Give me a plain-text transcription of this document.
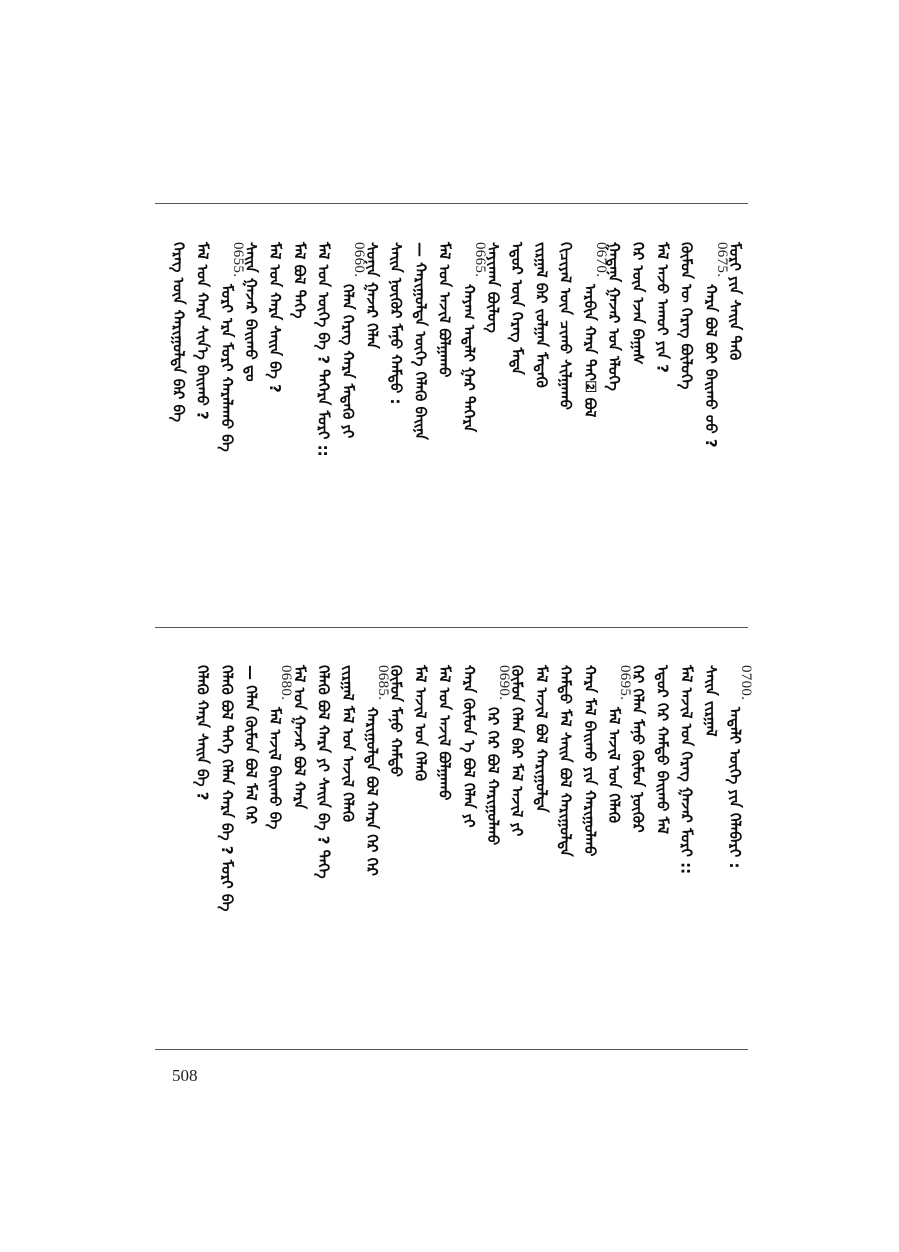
ᠮᠣᠷᠢ ᠶᠢᠨ ᠰᠠᠢ᠌ᠨ ᠳᠡᠬᠦ
ᠬᠠᠷᠠ ᠪᠣᠯ ᠪᠣᠢ ᠪᠠᠢ᠌ᠬᠤ ᠤᠤ ?
0675.
ᠬᠦᠮᠦᠨ ᠦ ᠬᠡᠷᠡᠭ ᠪᠦᠯᠦᠭᠡ
ᠮᠠᠯ ᠠᠵᠤ ᠠᠬᠤᠢ ᠶᠢᠨ ?
ᠭᠡᠷ ᠦᠨ ᠡᠵᠡᠨ ᠪᠠᠭᠠᠰ
ᠭᠠᠳᠠᠨᠠ ᠭᠠᠵᠠᠷ ᠤᠨ ᠡᠯᠦᠭᠡ
ᠠᠷᠪᠢᠨ ᠬᠠᠷᠠ ᠲᠠᠢ᠌ ᠪᠣᠯ
0670.
ᠬᠢᠴᠢᠶᠡᠯ ᠦᠨ ᠴᠢᠬᠤ ᠰᠢᠯᠭᠠᠬᠤ
ᠵᠢᠷᠭᠠᠯ ᠪᠠᠷ ᠵᠤᠯᠭᠠᠨ ᠮᠡᠳᠡᠬᠦ
ᠡᠳᠦᠷ ᠦᠨ ᠬᠡᠷᠡᠭ ᠮᠠᠲᠠ
ᠰᠠᠶᠢᠬᠠᠨ ᠪᠦᠯᠦᠭ
ᠬᠠᠶᠠᠭ ᠠᠳᠠᠯᠢ ᠭᠠᠷ ᠳᠡᠭᠡᠷᠡ
0665.
ᠮᠠᠯ ᠤᠨ ᠠᠵᠢᠯ ᠪᠣᠯᠭᠠᠬᠤ
— ᠬᠠᠷᠢᠭᠤᠯᠲᠠ ᠦᠭᠡ ᠬᠡᠯᠡᠬᠦ ᠪᠠᠢ᠌ᠨᠠ
ᠰᠠᠢ᠌ᠨ ᠨᠥᠬᠥᠷ ᠮᠠᠨᠤ ᠬᠠᠮᠲᠤ :
ᠰᠣᠨᠢᠨ ᠭᠠᠵᠠᠷ ᠬᠡᠯᠡᠨ
ᠬᠡᠯᠡᠨ ᠬᠡᠷᠡᠭ ᠬᠠᠷᠠ ᠮᠡᠳᠡᠬᠦ ᠶᠢ
0660.
ᠮᠠᠯ ᠤᠨ ᠦᠭᠡ ᠪᠠ ? ᠲᠡᠭᠡᠷᠡ ᠮᠣᠷᠢ ::
ᠮᠠᠯ ᠪᠣᠯ ᠲᠡᠭᠡ
ᠮᠠᠯ ᠤᠨ ᠬᠠᠷᠠ ᠰᠠᠢ᠌ᠨ ᠪᠠ ?
ᠰᠠᠢ᠌ᠨ ᠭᠠᠵᠠᠷ ᠪᠠᠢ᠌ᠬᠤ ᠳᠤ
ᠮᠣᠷᠢ ᠡᠷᠡ ᠮᠣᠷᠢ ᠬᠠᠷᠠᠯᠠᠬᠤ ᠪᠠ
0655.
ᠮᠠᠯ ᠤᠨ ᠬᠠᠷᠠ ᠰᠢᠨ᠎ᠡ ᠪᠠᠢ᠌ᠬᠤ ?
ᠬᠡᠷᠡᠭ ᠦᠨ ᠬᠠᠷᠢᠭᠤᠯᠲᠠ ᠪᠠᠷ ᠪᠠ
ᠠᠳᠠᠯᠢ ᠦᠭᠡ ᠶᠢᠨ ᠬᠡᠯᠡᠪᠡᠷᠢ :
0700.
ᠰᠠᠢ᠌ᠨ ᠵᠢᠷᠭᠠᠯ
ᠮᠠᠯ ᠠᠵᠢᠯ ᠤᠨ ᠬᠡᠷᠡᠭ ᠭᠠᠵᠠᠷ ᠮᠣᠷᠢ ::
ᠡᠳᠦᠷ ᠭᠡᠷ ᠬᠠᠮᠲᠤ ᠪᠠᠢ᠌ᠬᠤ ᠮᠠᠯ
ᠭᠡᠷ ᠬᠡᠯᠡᠨ ᠮᠠᠨᠤ ᠬᠦᠮᠦᠨ ᠨᠥᠬᠥᠷ
ᠮᠠᠯ ᠠᠵᠢᠯ ᠤᠨ ᠬᠡᠯᠡᠬᠦ
0695.
ᠬᠠᠷᠠ ᠮᠠᠯ ᠪᠠᠢ᠌ᠬᠤ ᠶᠢᠨ ᠬᠠᠷᠢᠭᠤᠯᠬᠤ
ᠬᠠᠮᠲᠤ ᠮᠠᠯ ᠰᠠᠢ᠌ᠨ ᠪᠣᠯ ᠬᠠᠷᠢᠭᠤᠯᠲᠠ
ᠮᠠᠯ ᠠᠵᠢᠯ ᠪᠣᠯ ᠬᠠᠷᠢᠭᠤᠯᠲᠠ
ᠬᠦᠮᠦᠨ ᠬᠡᠯᠡᠨ ᠪᠠᠷ ᠮᠠᠯ ᠠᠵᠢᠯ ᠶᠢ
ᠭᠡᠷ ᠭᠡᠷ ᠪᠣᠯ ᠬᠠᠷᠢᠭᠤᠯᠬᠤ
0690.
ᠬᠠᠷᠠ ᠬᠦᠮᠦᠨ ᠡ ᠪᠣᠯ ᠬᠡᠯᠡᠨ ᠶᠢ
ᠮᠠᠯ ᠤᠨ ᠠᠵᠢᠯ ᠪᠣᠯᠭᠠᠬᠤ
ᠮᠠᠯ ᠠᠵᠢᠯ ᠤᠨ ᠬᠡᠯᠡᠬᠦ
ᠬᠦᠮᠦᠨ ᠮᠠᠨᠤ ᠬᠠᠮᠲᠤ
ᠬᠠᠷᠢᠭᠤᠯᠲᠠ ᠪᠣᠯ ᠬᠠᠷᠠ ᠭᠡᠷ ᠭᠡᠷ
0685.
ᠵᠢᠷᠭᠠᠯ ᠮᠠᠯ ᠤᠨ ᠠᠵᠢᠯ ᠬᠡᠯᠡᠬᠦ
ᠬᠡᠯᠡᠬᠦ ᠪᠣᠯ ᠬᠠᠷᠠ ᠶᠢ ᠰᠠᠢ᠌ᠨ ᠪᠠ ? ᠲᠡᠭᠡ
ᠮᠠᠯ ᠤᠨ ᠭᠠᠵᠠᠷ ᠪᠣᠯ ᠬᠠᠷᠠ
ᠮᠠᠯ ᠠᠵᠢᠯ ᠪᠠᠢ᠌ᠬᠤ ᠪᠠ
0680.
— ᠬᠡᠯᠡᠨ ᠬᠦᠮᠦᠨ ᠪᠣᠯ ᠮᠠᠯ ᠭᠡᠷ
ᠬᠡᠯᠡᠬᠦ ᠪᠣᠯ ᠲᠡᠭᠡ ᠬᠡᠯᠡᠨ ᠬᠠᠷᠠ ᠪᠠ ? ᠮᠣᠷᠢ ᠪᠠ
ᠬᠡᠯᠡᠬᠦ ᠬᠠᠷᠠ ᠰᠠᠢ᠌ᠨ ᠪᠠ ?
508
